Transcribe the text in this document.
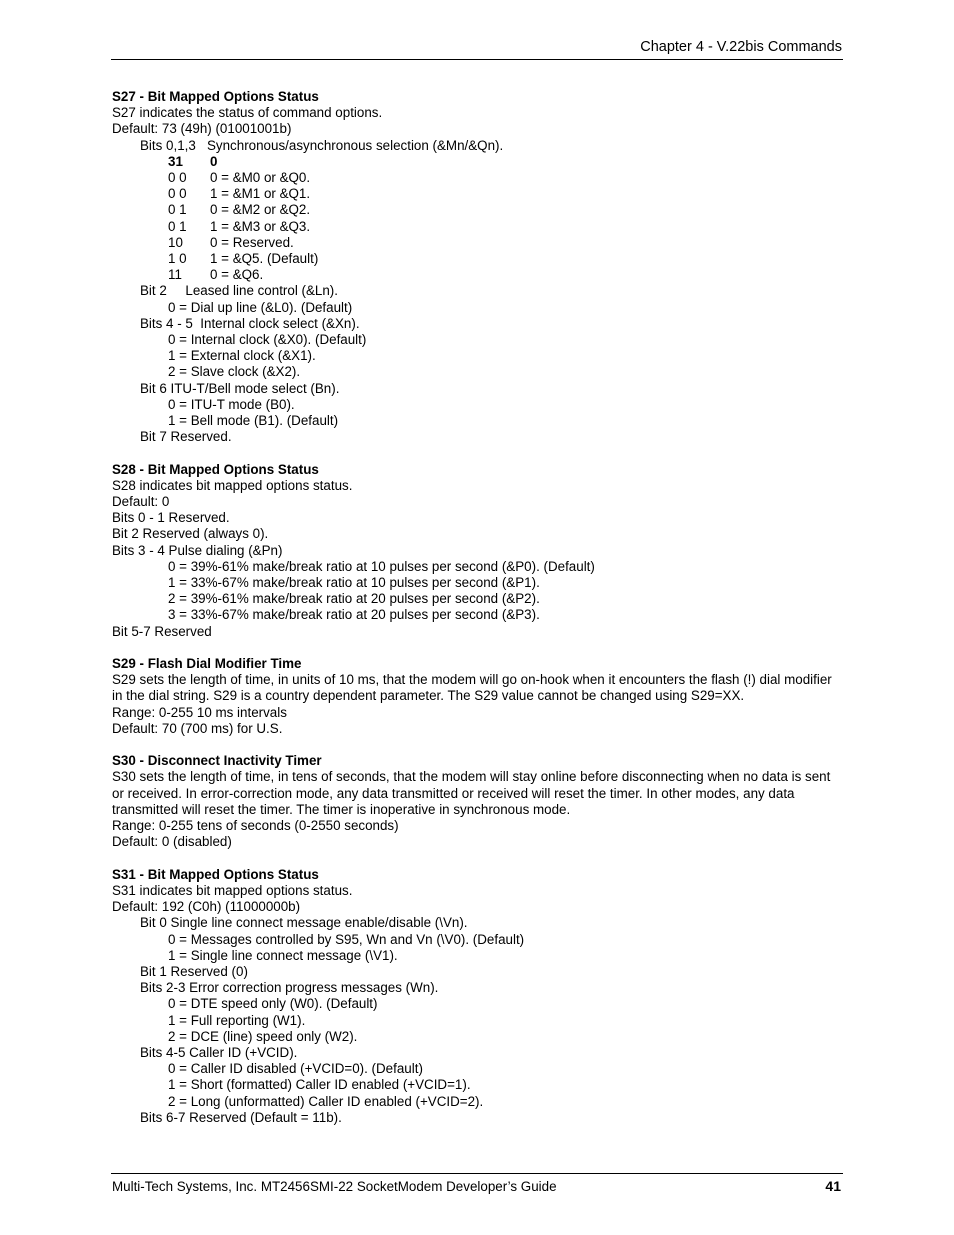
Chapter 4 - V.22bis Commands
S27 - Bit Mapped Options Status
S27 indicates the status of command options.
Default: 73 (49h) (01001001b)
Bits 0,1,3   Synchronous/asynchronous selection (&Mn/&Qn).
31 0
0 0 0 = &M0 or &Q0.
0 0 1 = &M1 or &Q1.
0 1 0 = &M2 or &Q2.
0 1 1 = &M3 or &Q3.
10 0 = Reserved.
1 0 1 = &Q5. (Default)
11 0 = &Q6.
Bit 2     Leased line control (&Ln).
0 = Dial up line (&L0). (Default)
Bits 4 - 5  Internal clock select (&Xn).
0 = Internal clock (&X0). (Default)
1 = External clock (&X1).
2 = Slave clock (&X2).
Bit 6 ITU-T/Bell mode select (Bn).
0 = ITU-T mode (B0).
1 = Bell mode (B1). (Default)
Bit 7 Reserved.
S28 - Bit Mapped Options Status
S28 indicates bit mapped options status.
Default: 0
Bits 0 - 1 Reserved.
Bit 2 Reserved (always 0).
Bits 3 - 4 Pulse dialing (&Pn)
0 = 39%-61% make/break ratio at 10 pulses per second (&P0). (Default)
1 = 33%-67% make/break ratio at 10 pulses per second (&P1).
2 = 39%-61% make/break ratio at 20 pulses per second (&P2).
3 = 33%-67% make/break ratio at 20 pulses per second (&P3).
Bit 5-7 Reserved
S29 - Flash Dial Modifier Time
S29 sets the length of time, in units of 10 ms, that the modem will go on-hook when it encounters the flash (!) dial modifier in the dial string. S29 is a country dependent parameter. The S29 value cannot be changed using S29=XX.
Range: 0-255 10 ms intervals
Default: 70 (700 ms) for U.S.
S30 - Disconnect Inactivity Timer
S30 sets the length of time, in tens of seconds, that the modem will stay online before disconnecting when no data is sent or received. In error-correction mode, any data transmitted or received will reset the timer. In other modes, any data transmitted will reset the timer. The timer is inoperative in synchronous mode.
Range: 0-255 tens of seconds (0-2550 seconds)
Default: 0 (disabled)
S31 - Bit Mapped Options Status
S31 indicates bit mapped options status.
Default: 192 (C0h) (11000000b)
Bit 0 Single line connect message enable/disable (\Vn).
0 = Messages controlled by S95, Wn and Vn (\V0). (Default)
1 = Single line connect message (\V1).
Bit 1 Reserved (0)
Bits 2-3 Error correction progress messages (Wn).
0 = DTE speed only (W0). (Default)
1 = Full reporting (W1).
2 = DCE (line) speed only (W2).
Bits 4-5 Caller ID (+VCID).
0 = Caller ID disabled (+VCID=0). (Default)
1 = Short (formatted) Caller ID enabled (+VCID=1).
2 = Long (unformatted) Caller ID enabled (+VCID=2).
Bits 6-7 Reserved (Default = 11b).
Multi-Tech Systems, Inc. MT2456SMI-22 SocketModem Developer’s Guide	41
